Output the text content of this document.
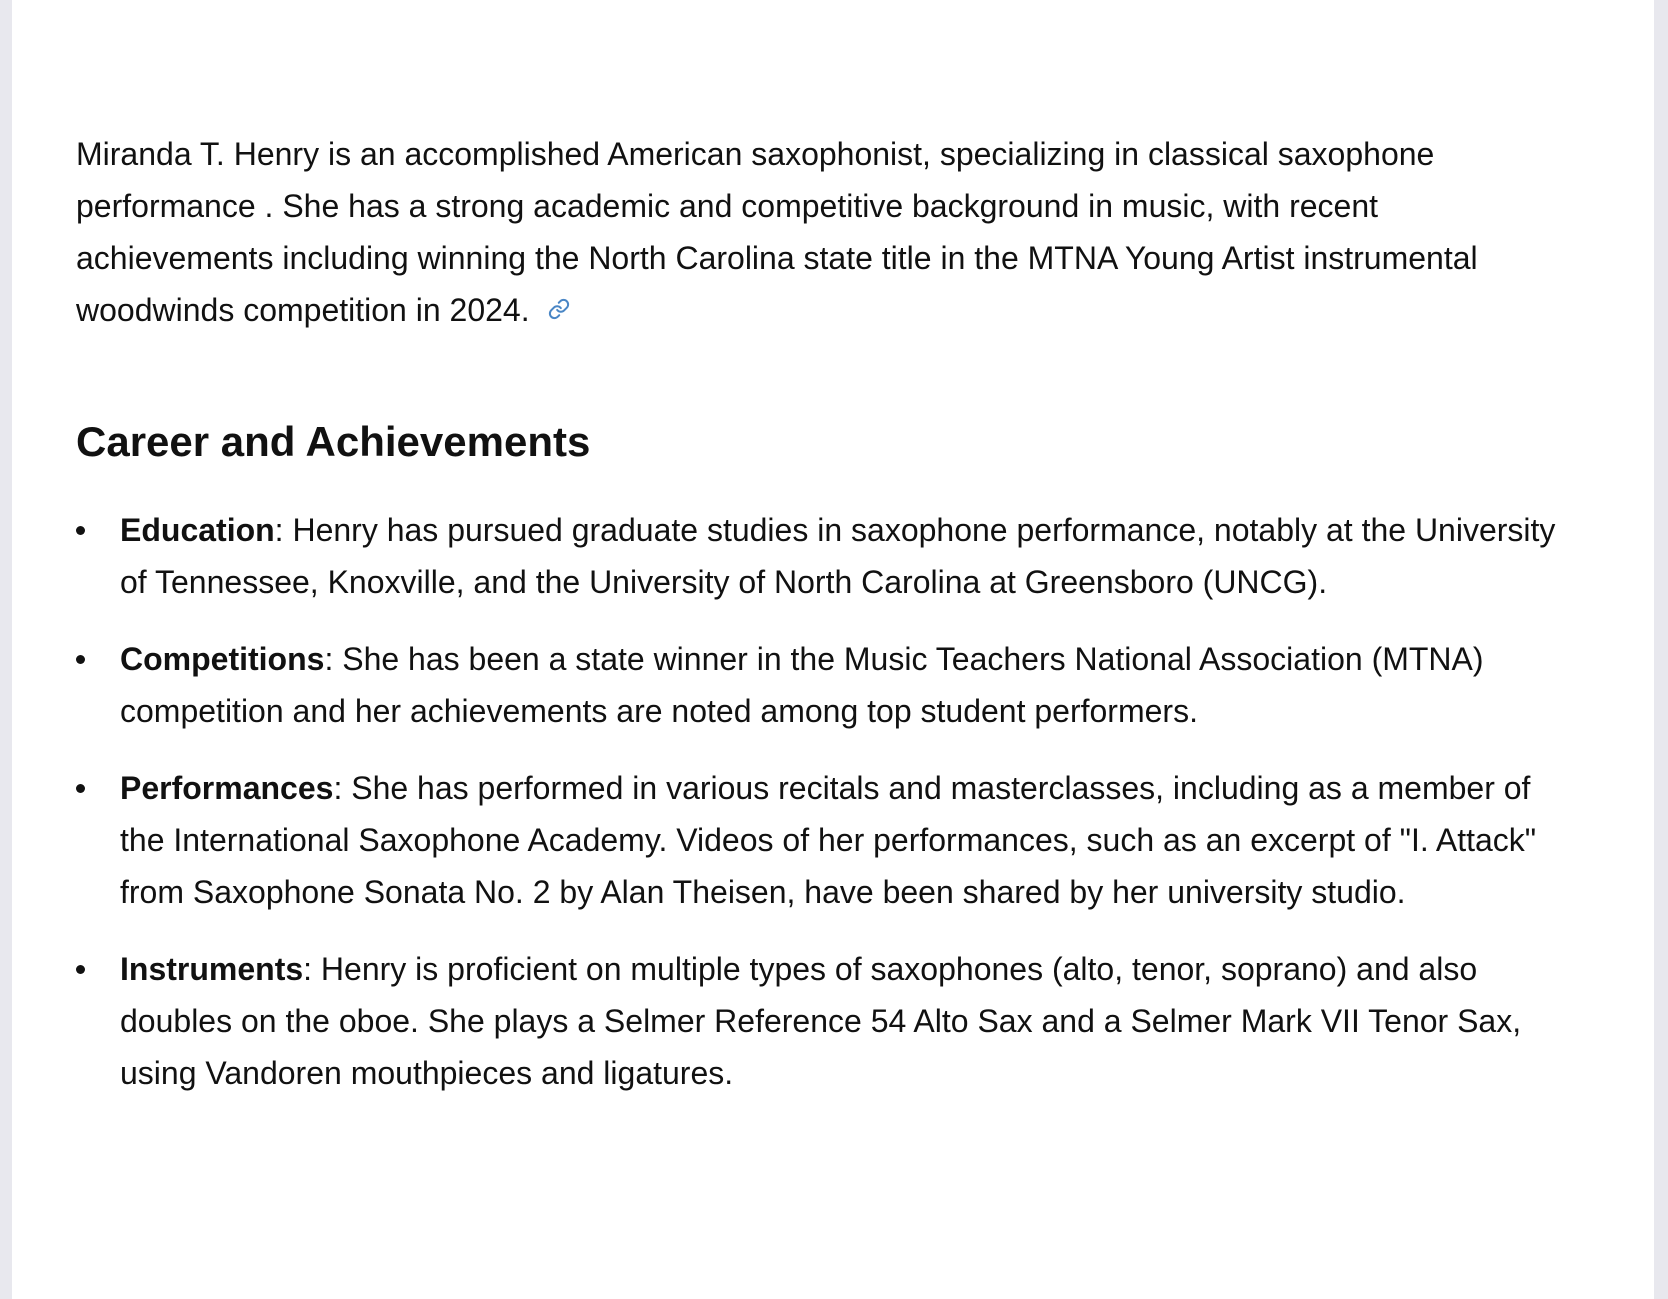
Miranda T. Henry is an accomplished American saxophonist, specializing in classical saxophone performance . She has a strong academic and competitive background in music, with recent achievements including winning the North Carolina state title in the MTNA Young Artist instrumental woodwinds competition in 2024.

Career and Achievements
Education: Henry has pursued graduate studies in saxophone performance, notably at the University of Tennessee, Knoxville, and the University of North Carolina at Greensboro (UNCG).
Competitions: She has been a state winner in the Music Teachers National Association (MTNA) competition and her achievements are noted among top student performers.
Performances: She has performed in various recitals and masterclasses, including as a member of the International Saxophone Academy. Videos of her performances, such as an excerpt of "I. Attack" from Saxophone Sonata No. 2 by Alan Theisen, have been shared by her university studio.
Instruments: Henry is proficient on multiple types of saxophones (alto, tenor, soprano) and also doubles on the oboe. She plays a Selmer Reference 54 Alto Sax and a Selmer Mark VII Tenor Sax, using Vandoren mouthpieces and ligatures.
